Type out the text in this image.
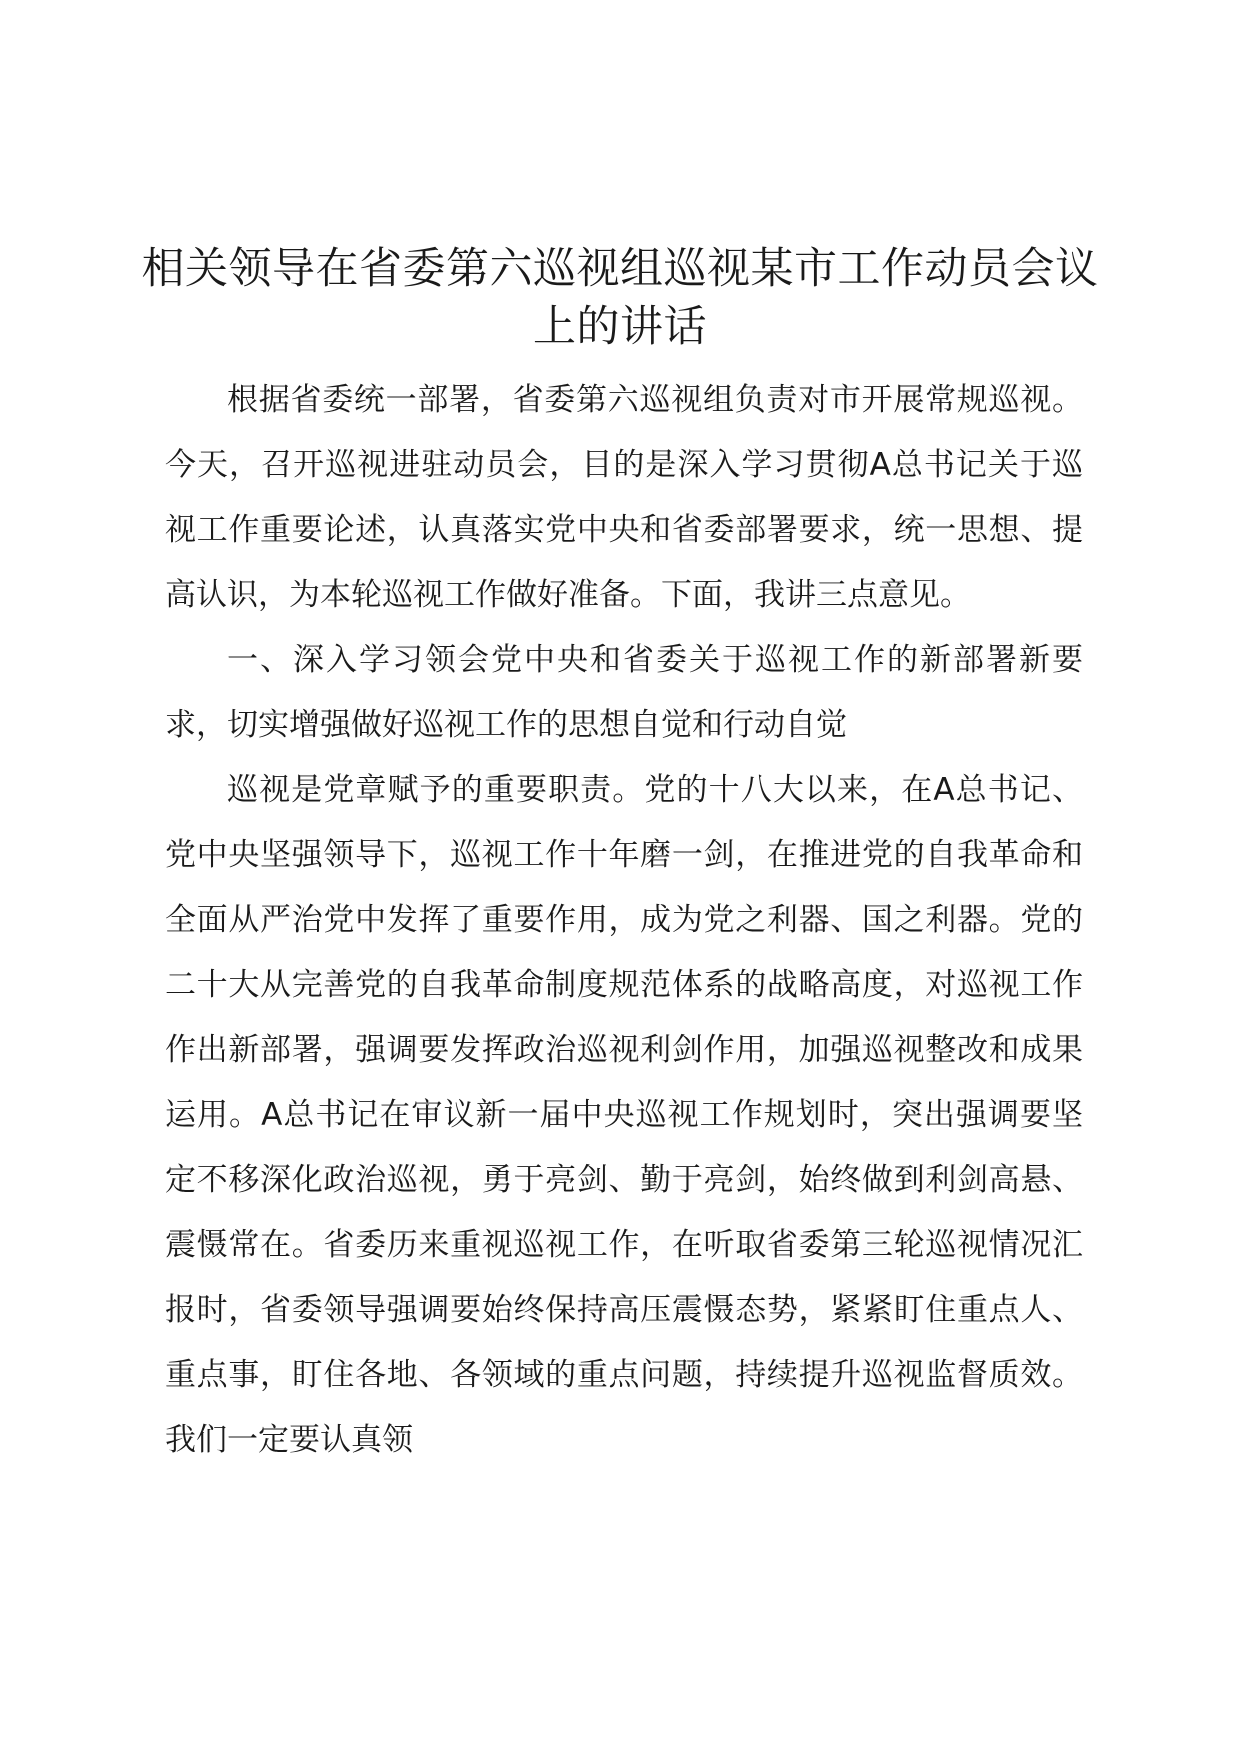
相关领导在省委第六巡视组巡视某市工作动员会议上的讲话

根据省委统一部署，省委第六巡视组负责对市开展常规巡视。今天，召开巡视进驻动员会，目的是深入学习贯彻A总书记关于巡视工作重要论述，认真落实党中央和省委部署要求，统一思想、提高认识，为本轮巡视工作做好准备。下面，我讲三点意见。

一、深入学习领会党中央和省委关于巡视工作的新部署新要求，切实增强做好巡视工作的思想自觉和行动自觉

巡视是党章赋予的重要职责。党的十八大以来，在A总书记、党中央坚强领导下，巡视工作十年磨一剑，在推进党的自我革命和全面从严治党中发挥了重要作用，成为党之利器、国之利器。党的二十大从完善党的自我革命制度规范体系的战略高度，对巡视工作作出新部署，强调要发挥政治巡视利剑作用，加强巡视整改和成果运用。A总书记在审议新一届中央巡视工作规划时，突出强调要坚定不移深化政治巡视，勇于亮剑、勤于亮剑，始终做到利剑高悬、震慑常在。省委历来重视巡视工作，在听取省委第三轮巡视情况汇报时，省委领导强调要始终保持高压震慑态势，紧紧盯住重点人、重点事，盯住各地、各领域的重点问题，持续提升巡视监督质效。我们一定要认真领
